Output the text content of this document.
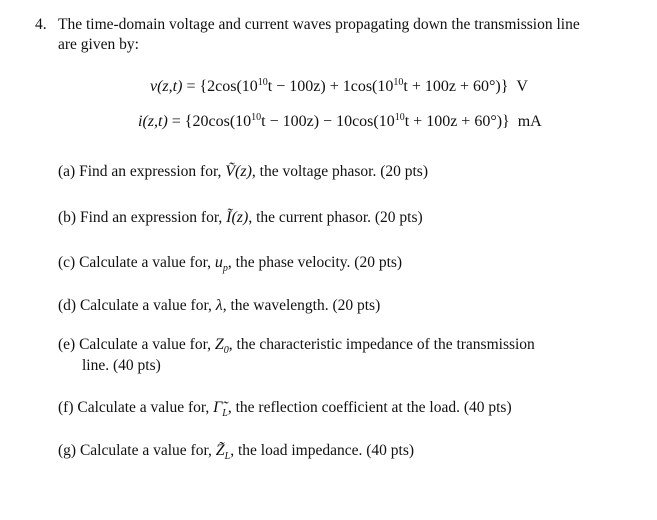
4. The time-domain voltage and current waves propagating down the transmission line
are given by:
$v(z,t) = \{2\cos(10^{10}t - 100z) + 1\cos(10^{10}t + 100z + 60^\circ)\}$ V
$i(z,t) = \{20\cos(10^{10}t - 100z) - 10\cos(10^{10}t + 100z + 60^\circ)\}$ mA
(a) Find an expression for, Ṽ(z), the voltage phasor. (20 pts)
(b) Find an expression for, Ĩ(z), the current phasor. (20 pts)
(c) Calculate a value for, $u_p$, the phase velocity. (20 pts)
(d) Calculate a value for, λ, the wavelength. (20 pts)
(e) Calculate a value for, $Z_0$, the characteristic impedance of the transmission
line. (40 pts)
(f) Calculate a value for, $\Gammã_L$, the reflection coefficient at the load. (40 pts)
(g) Calculate a value for, $Z̃_L$, the load impedance. (40 pts)
